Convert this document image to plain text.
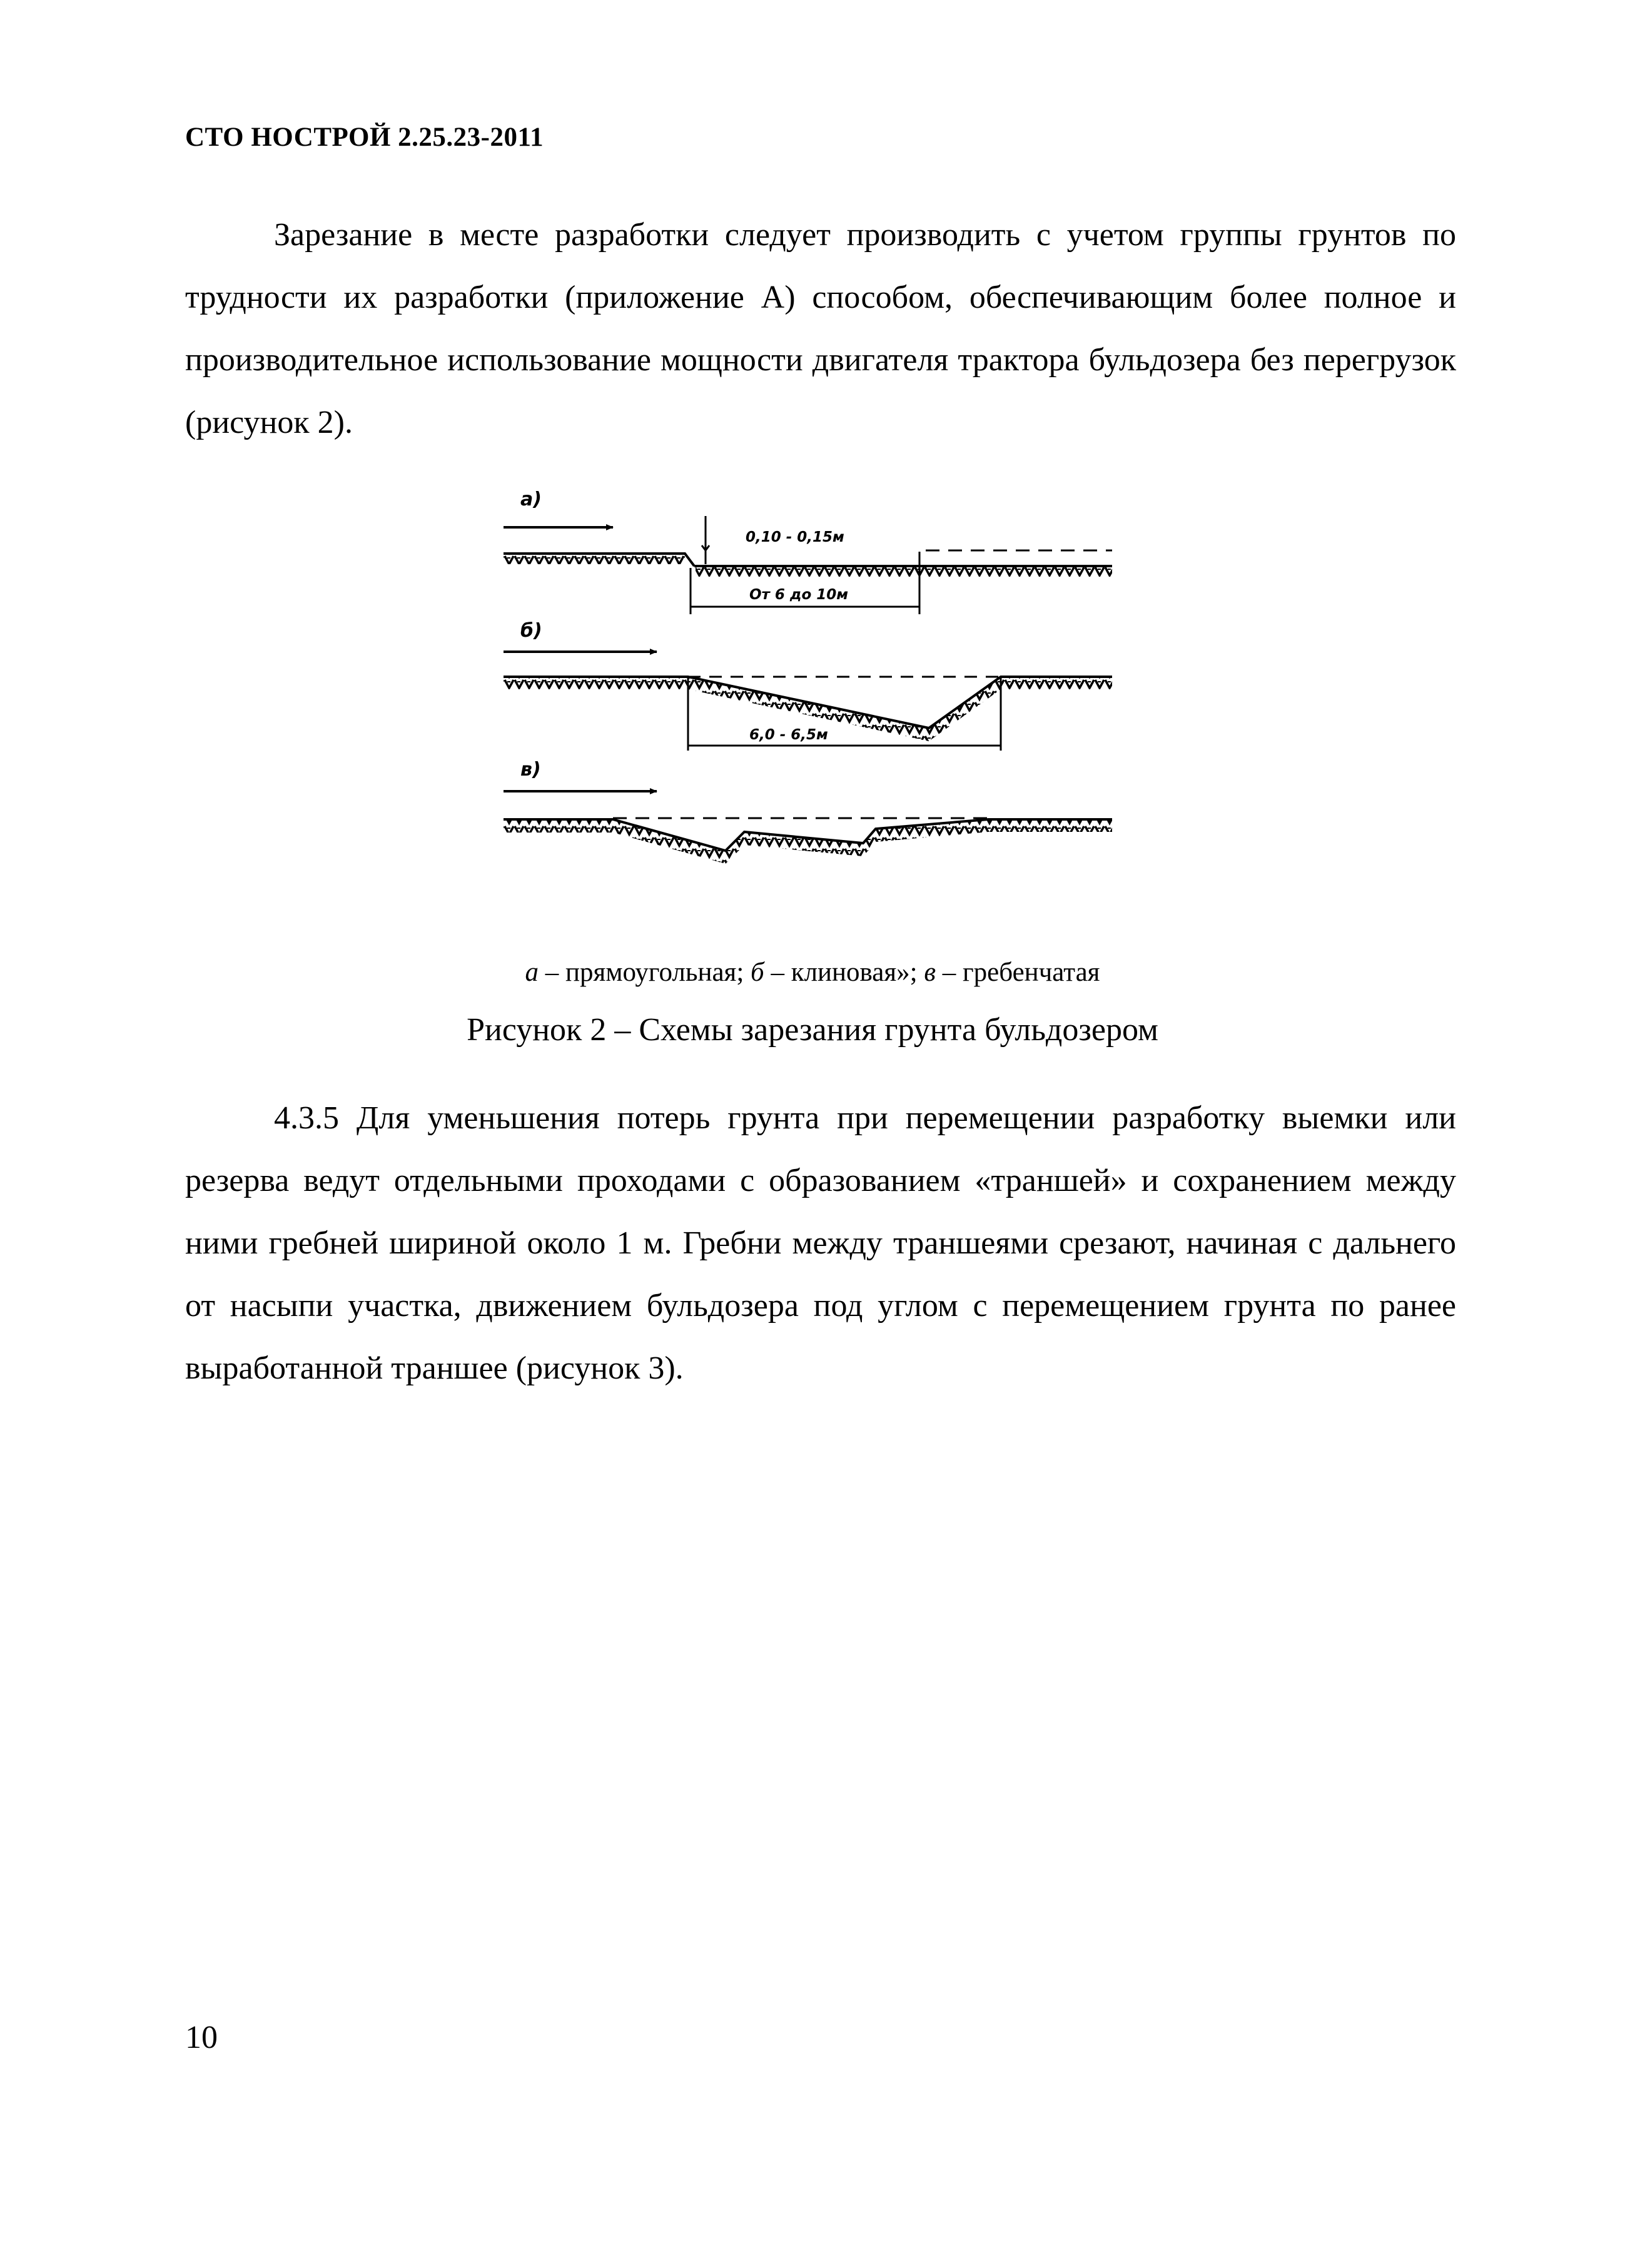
СТО НОСТРОЙ 2.25.23-2011

Зарезание в месте разработки следует производить с учетом группы грунтов по трудности их разработки (приложение А) способом, обеспечивающим более полное и производительное использование мощности двигателя трактора бульдозера без перегрузок (рисунок 2).

а)
0,10 - 0,15м
От 6 до 10м
б)
6,0 - 6,5м
в)
а – прямоугольная; б – клиновая»; в – гребенчатая
Рисунок 2 – Схемы зарезания грунта бульдозером

4.3.5 Для уменьшения потерь грунта при перемещении разработку выемки или резерва ведут отдельными проходами с образованием «траншей» и сохранением между ними гребней шириной около 1 м. Гребни между траншеями срезают, начиная с дальнего от насыпи участка, движением бульдозера под углом с перемещением грунта по ранее выработанной траншее (рисунок 3).

10
